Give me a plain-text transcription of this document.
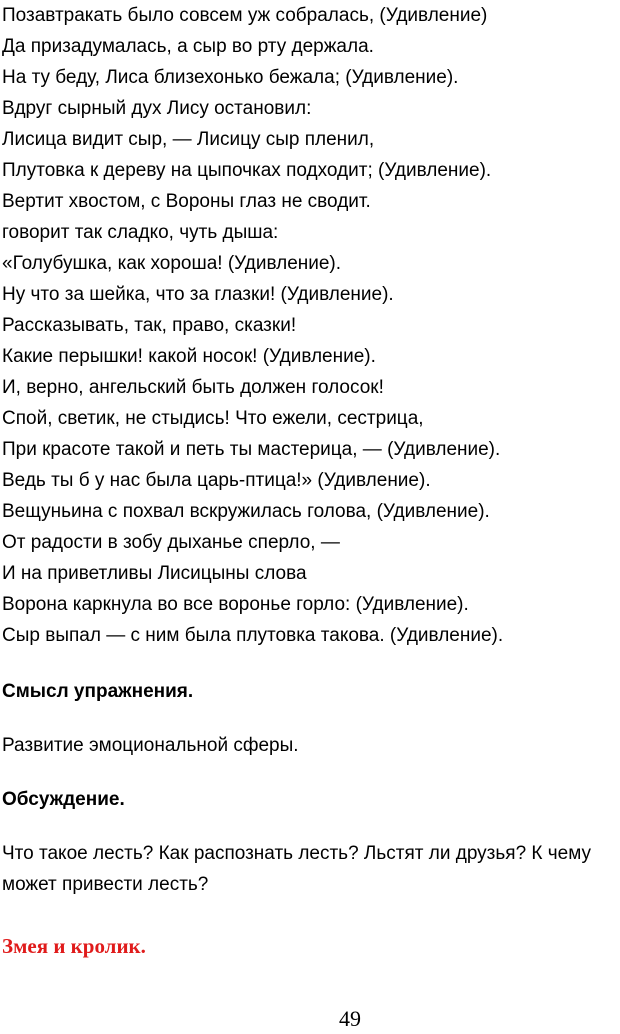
Позавтракать было совсем уж собралась, (Удивление)
Да призадумалась, а сыр во рту держала.
На ту беду, Лиса близехонько бежала; (Удивление).
Вдруг сырный дух Лису остановил:
Лисица видит сыр, — Лисицу сыр пленил,
Плутовка к дереву на цыпочках подходит; (Удивление).
Вертит хвостом, с Вороны глаз не сводит.
говорит так сладко, чуть дыша:
«Голубушка, как хороша! (Удивление).
Ну что за шейка, что за глазки! (Удивление).
Рассказывать, так, право, сказки!
Какие перышки! какой носок! (Удивление).
И, верно, ангельский быть должен голосок!
Спой, светик, не стыдись! Что ежели, сестрица,
При красоте такой и петь ты мастерица, — (Удивление).
Ведь ты б у нас была царь-птица!» (Удивление).
Вещуньина с похвал вскружилась голова, (Удивление).
От радости в зобу дыханье сперло, —
И на приветливы Лисицыны слова
Ворона каркнула во все воронье горло: (Удивление).
Сыр выпал — с ним была плутовка такова. (Удивление).
Смысл упражнения.
Развитие эмоциональной сферы.
Обсуждение.
Что такое лесть? Как распознать лесть? Льстят ли друзья? К чему
может привести лесть?
Змея и кролик.
49
